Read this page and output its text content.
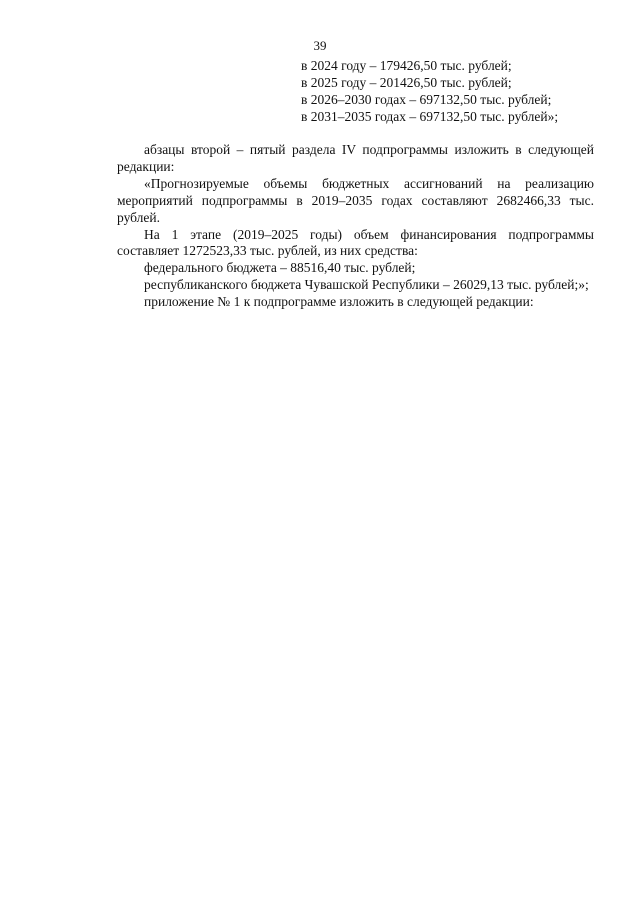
39
в 2024 году – 179426,50 тыс. рублей;
в 2025 году – 201426,50 тыс. рублей;
в 2026–2030 годах – 697132,50 тыс. рублей;
в 2031–2035 годах – 697132,50 тыс. рублей»;

абзацы второй – пятый раздела IV подпрограммы изложить в следующей редакции:

«Прогнозируемые объемы бюджетных ассигнований на реализацию мероприятий подпрограммы в 2019–2035 годах составляют 2682466,33 тыс. рублей.

На 1 этапе (2019–2025 годы) объем финансирования подпрограммы составляет 1272523,33 тыс. рублей, из них средства:

федерального бюджета – 88516,40 тыс. рублей;

республиканского бюджета Чувашской Республики – 26029,13 тыс. рублей;»;

приложение № 1 к подпрограмме изложить в следующей редакции:
